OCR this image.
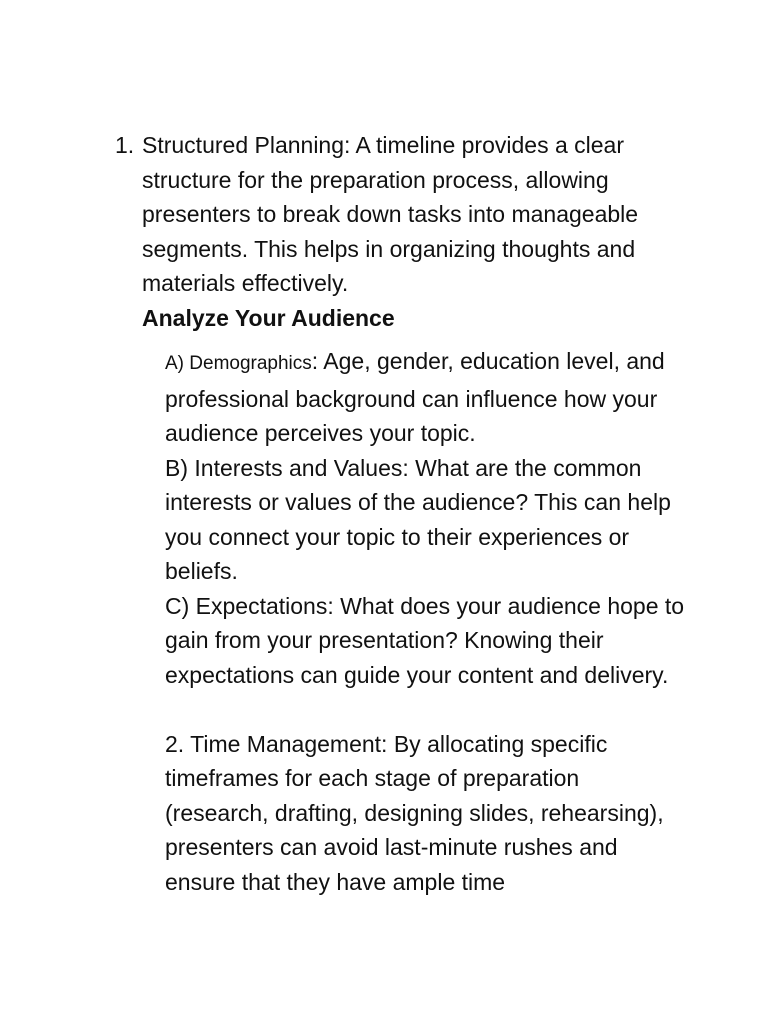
1. Structured Planning: A timeline provides a clear structure for the preparation process, allowing presenters to break down tasks into manageable segments. This helps in organizing thoughts and materials effectively.
Analyze Your Audience

A) Demographics: Age, gender, education level, and professional background can influence how your audience perceives your topic.

B) Interests and Values: What are the common interests or values of the audience? This can help you connect your topic to their experiences or beliefs.

C) Expectations: What does your audience hope to gain from your presentation? Knowing their expectations can guide your content and delivery.

2. Time Management: By allocating specific timeframes for each stage of preparation (research, drafting, designing slides, rehearsing), presenters can avoid last-minute rushes and ensure that they have ample time
